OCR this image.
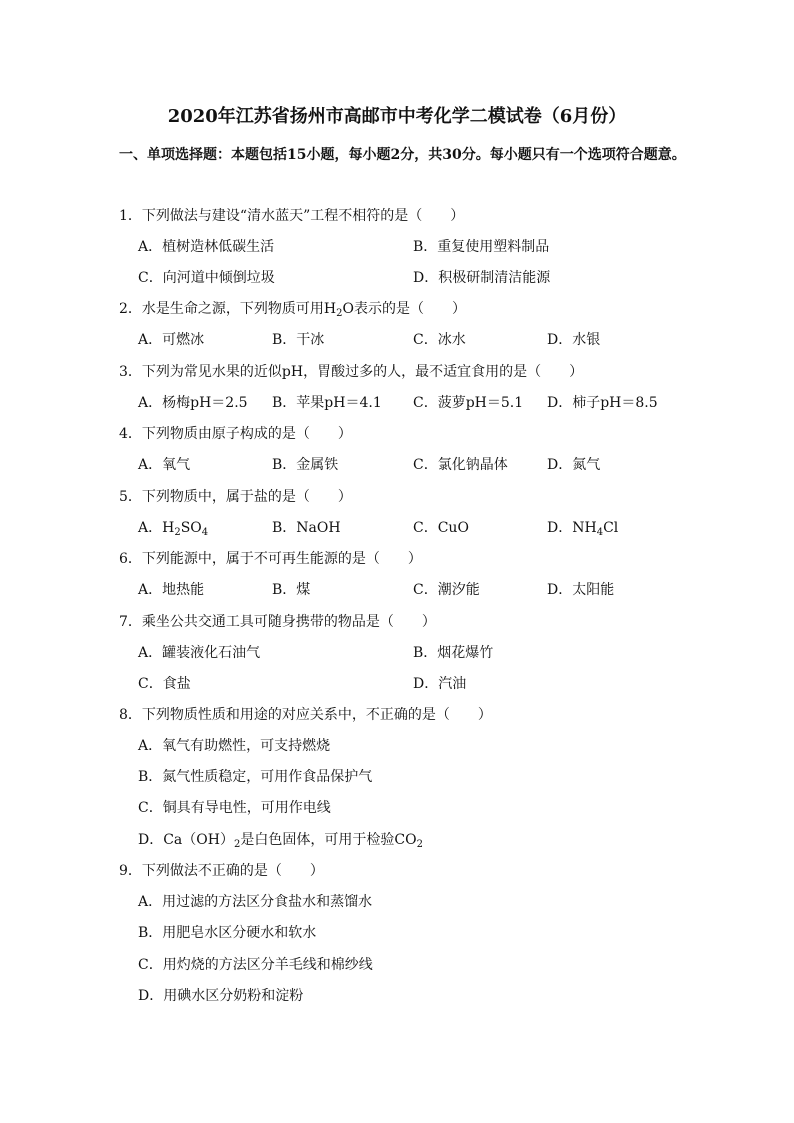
2020年江苏省扬州市高邮市中考化学二模试卷（6月份）
一、单项选择题：本题包括15小题，每小题2分，共30分。每小题只有一个选项符合题意。
1．下列做法与建设“清水蓝天”工程不相符的是（　　）
A．植树造林低碳生活	B．重复使用塑料制品
C．向河道中倾倒垃圾	D．积极研制清洁能源
2．水是生命之源，下列物质可用$H_2O$表示的是（　　）
A．可燃冰	B．干冰	C．冰水	D．水银
3．下列为常见水果的近似pH，胃酸过多的人，最不适宜食用的是（　　）
A．杨梅pH＝2.5 B．苹果pH＝4.1 C．菠萝pH＝5.1 D．柿子pH＝8.5
4．下列物质由原子构成的是（　　）
A．氧气	B．金属铁	C．氯化钠晶体	D．氮气
5．下列物质中，属于盐的是（　　）
A．$H_2SO_4$	B．NaOH	C．CuO	D．$NH_4Cl$
6．下列能源中，属于不可再生能源的是（　　）
A．地热能	B．煤	C．潮汐能	D．太阳能
7．乘坐公共交通工具可随身携带的物品是（　　）
A．罐装液化石油气	B．烟花爆竹
C．食盐	D．汽油
8．下列物质性质和用途的对应关系中，不正确的是（　　）
A．氧气有助燃性，可支持燃烧
B．氮气性质稳定，可用作食品保护气
C．铜具有导电性，可用作电线
D．$Ca(OH)_2$是白色固体，可用于检验$CO_2$
9．下列做法不正确的是（　　）
A．用过滤的方法区分食盐水和蒸馏水
B．用肥皂水区分硬水和软水
C．用灼烧的方法区分羊毛线和棉纱线
D．用碘水区分奶粉和淀粉
